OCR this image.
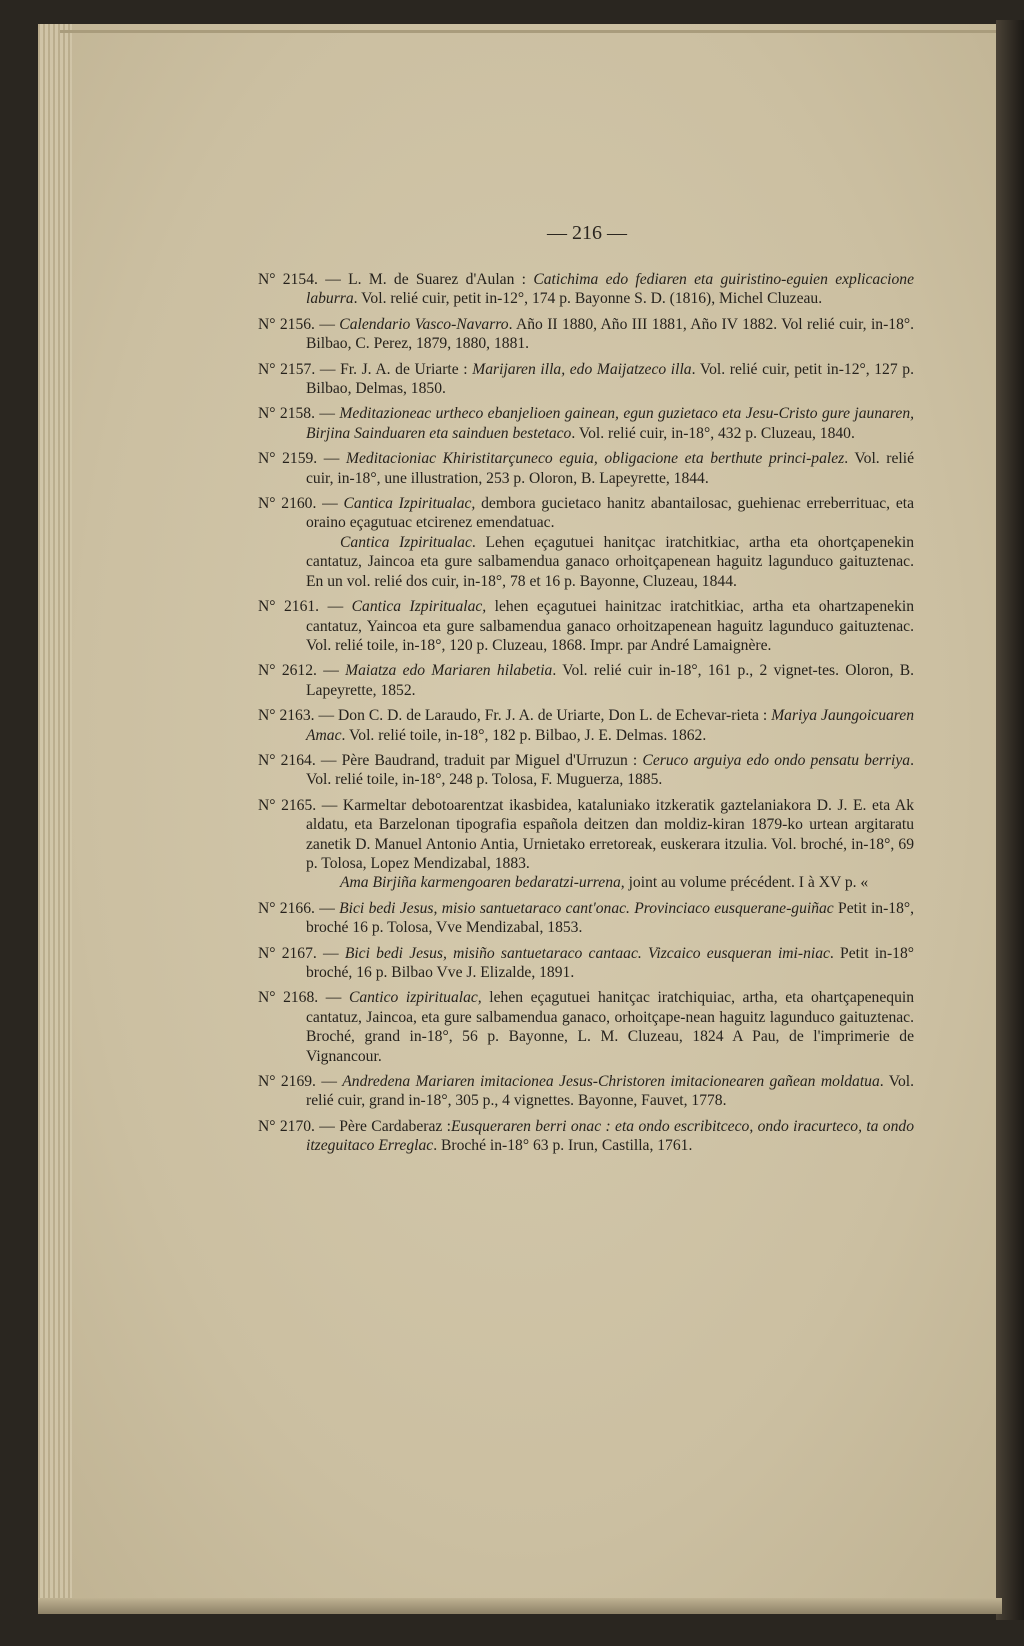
— 216 —
N° 2154. — L. M. de Suarez d'Aulan : Catichima edo fediaren eta guiristino-eguien explicacione laburra. Vol. relié cuir, petit in-12°, 174 p. Bayonne S. D. (1816), Michel Cluzeau.
N° 2156. — Calendario Vasco-Navarro. Año II 1880, Año III 1881, Año IV 1882. Vol relié cuir, in-18°. Bilbao, C. Perez, 1879, 1880, 1881.
N° 2157. — Fr. J. A. de Uriarte : Marijaren illa, edo Maijatzeco illa. Vol. relié cuir, petit in-12°, 127 p. Bilbao, Delmas, 1850.
N° 2158. — Meditazioneac urtheco ebanjelioen gainean, egun guzietaco eta Jesu-Cristo gure jaunaren, Birjina Sainduaren eta sainduen bestetaco. Vol. relié cuir, in-18°, 432 p. Cluzeau, 1840.
N° 2159. — Meditacioniac Khiristitarçuneco eguia, obligacione eta berthute princi-palez. Vol. relié cuir, in-18°, une illustration, 253 p. Oloron, B. Lapeyrette, 1844.
N° 2160. — Cantica Izpiritualac, dembora gucietaco hanitz abantailosac, guehienac erreberrituac, eta oraino eçagutuac etcirenez emendatuac.
Cantica Izpiritualac. Lehen eçagutuei hanitçac iratchitkiac, artha eta ohortçapenekin cantatuz, Jaincoa eta gure salbamendua ganaco orhoitçapenean haguitz lagunduco gaituztenac. En un vol. relié dos cuir, in-18°, 78 et 16 p. Bayonne, Cluzeau, 1844.
N° 2161. — Cantica Izpiritualac, lehen eçagutuei hainitzac iratchitkiac, artha eta ohartzapenekin cantatuz, Yaincoa eta gure salbamendua ganaco orhoitzapenean haguitz lagunduco gaituztenac. Vol. relié toile, in-18°, 120 p. Cluzeau, 1868. Impr. par André Lamaignère.
N° 2612. — Maiatza edo Mariaren hilabetia. Vol. relié cuir in-18°, 161 p., 2 vignet-tes. Oloron, B. Lapeyrette, 1852.
N° 2163. — Don C. D. de Laraudo, Fr. J. A. de Uriarte, Don L. de Echevar-rieta : Mariya Jaungoicuaren Amac. Vol. relié toile, in-18°, 182 p. Bilbao, J. E. Delmas. 1862.
N° 2164. — Père Baudrand, traduit par Miguel d'Urruzun : Ceruco arguiya edo ondo pensatu berriya. Vol. relié toile, in-18°, 248 p. Tolosa, F. Muguerza, 1885.
N° 2165. — Karmeltar debotoarentzat ikasbidea, kataluniako itzkeratik gaztelaniakora D. J. E. eta Ak aldatu, eta Barzelonan tipografia española deitzen dan moldiz-kiran 1879-ko urtean argitaratu zanetik D. Manuel Antonio Antia, Urnietako erretoreak, euskerara itzulia. Vol. broché, in-18°, 69 p. Tolosa, Lopez Mendizabal, 1883.
Ama Birjiña karmengoaren bedaratzi-urrena, joint au volume précédent. I à XV p. «
N° 2166. — Bici bedi Jesus, misio santuetaraco cant'onac. Provinciaco eusquerane-guiñac Petit in-18°, broché 16 p. Tolosa, Vve Mendizabal, 1853.
N° 2167. — Bici bedi Jesus, misiño santuetaraco cantaac. Vizcaico eusqueran imi-niac. Petit in-18° broché, 16 p. Bilbao Vve J. Elizalde, 1891.
N° 2168. — Cantico izpiritualac, lehen eçagutuei hanitçac iratchiquiac, artha, eta ohartçapenequin cantatuz, Jaincoa, eta gure salbamendua ganaco, orhoitçape-nean haguitz lagunduco gaituztenac. Broché, grand in-18°, 56 p. Bayonne, L. M. Cluzeau, 1824 A Pau, de l'imprimerie de Vignancour.
N° 2169. — Andredena Mariaren imitacionea Jesus-Christoren imitacionearen gañean moldatua. Vol. relié cuir, grand in-18°, 305 p., 4 vignettes. Bayonne, Fauvet, 1778.
N° 2170. — Père Cardaberaz :Eusqueraren berri onac : eta ondo escribitceco, ondo iracurteco, ta ondo itzeguitaco Erreglac. Broché in-18° 63 p. Irun, Castilla, 1761.
